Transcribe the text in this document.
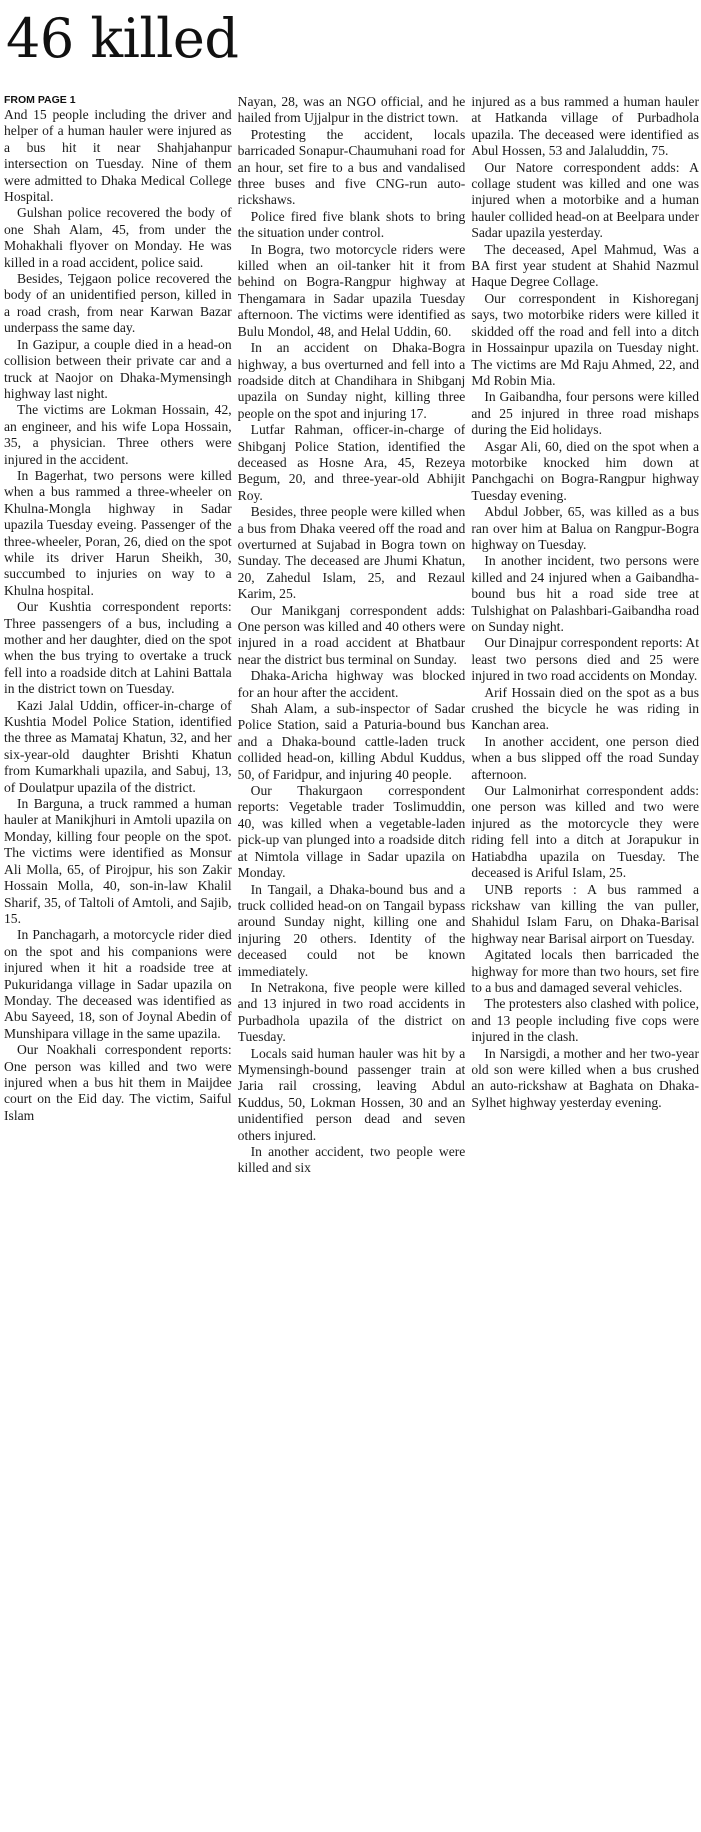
46 killed
FROM PAGE 1

And 15 people including the driver and helper of a human hauler were injured as a bus hit it near Shahjahanpur intersection on Tuesday. Nine of them were admitted to Dhaka Medical College Hospital.

Gulshan police recovered the body of one Shah Alam, 45, from under the Mohakhali flyover on Monday. He was killed in a road accident, police said.

Besides, Tejgaon police recovered the body of an unidentified person, killed in a road crash, from near Karwan Bazar underpass the same day.

In Gazipur, a couple died in a head-on collision between their private car and a truck at Naojor on Dhaka-Mymensingh highway last night.

The victims are Lokman Hossain, 42, an engineer, and his wife Lopa Hossain, 35, a physician. Three others were injured in the accident.

In Bagerhat, two persons were killed when a bus rammed a three-wheeler on Khulna-Mongla highway in Sadar upazila Tuesday eveing. Passenger of the three-wheeler, Poran, 26, died on the spot while its driver Harun Sheikh, 30, succumbed to injuries on way to a Khulna hospital.

Our Kushtia correspondent reports: Three passengers of a bus, including a mother and her daughter, died on the spot when the bus trying to overtake a truck fell into a roadside ditch at Lahini Battala in the district town on Tuesday.

Kazi Jalal Uddin, officer-in-charge of Kushtia Model Police Station, identified the three as Mamataj Khatun, 32, and her six-year-old daughter Brishti Khatun from Kumarkhali upazila, and Sabuj, 13, of Doulatpur upazila of the district.

In Barguna, a truck rammed a human hauler at Manikjhuri in Amtoli upazila on Monday, killing four people on the spot. The victims were identified as Monsur Ali Molla, 65, of Pirojpur, his son Zakir Hossain Molla, 40, son-in-law Khalil Sharif, 35, of Taltoli of Amtoli, and Sajib, 15.

In Panchagarh, a motorcycle rider died on the spot and his companions were injured when it hit a roadside tree at Pukuridanga village in Sadar upazila on Monday. The deceased was identified as Abu Sayeed, 18, son of Joynal Abedin of Munshipara village in the same upazila.

Our Noakhali correspondent reports: One person was killed and two were injured when a bus hit them in Maijdee court on the Eid day. The victim, Saiful Islam

Nayan, 28, was an NGO official, and he hailed from Ujjalpur in the district town.

Protesting the accident, locals barricaded Sonapur-Chaumuhani road for an hour, set fire to a bus and vandalised three buses and five CNG-run auto-rickshaws.

Police fired five blank shots to bring the situation under control.

In Bogra, two motorcycle riders were killed when an oil-tanker hit it from behind on Bogra-Rangpur highway at Thengamara in Sadar upazila Tuesday afternoon. The victims were identified as Bulu Mondol, 48, and Helal Uddin, 60.

In an accident on Dhaka-Bogra highway, a bus overturned and fell into a roadside ditch at Chandihara in Shibganj upazila on Sunday night, killing three people on the spot and injuring 17.

Lutfar Rahman, officer-in-charge of Shibganj Police Station, identified the deceased as Hosne Ara, 45, Rezeya Begum, 20, and three-year-old Abhijit Roy.

Besides, three people were killed when a bus from Dhaka veered off the road and overturned at Sujabad in Bogra town on Sunday. The deceased are Jhumi Khatun, 20, Zahedul Islam, 25, and Rezaul Karim, 25.

Our Manikganj correspondent adds: One person was killed and 40 others were injured in a road accident at Bhatbaur near the district bus terminal on Sunday.

Dhaka-Aricha highway was blocked for an hour after the accident.

Shah Alam, a sub-inspector of Sadar Police Station, said a Paturia-bound bus and a Dhaka-bound cattle-laden truck collided head-on, killing Abdul Kuddus, 50, of Faridpur, and injuring 40 people.

Our Thakurgaon correspondent reports: Vegetable trader Toslimuddin, 40, was killed when a vegetable-laden pick-up van plunged into a roadside ditch at Nimtola village in Sadar upazila on Monday.

In Tangail, a Dhaka-bound bus and a truck collided head-on on Tangail bypass around Sunday night, killing one and injuring 20 others. Identity of the deceased could not be known immediately.

In Netrakona, five people were killed and 13 injured in two road accidents in Purbadhola upazila of the district on Tuesday.

Locals said human hauler was hit by a Mymensingh-bound passenger train at Jaria rail crossing, leaving Abdul Kuddus, 50, Lokman Hossen, 30 and an unidentified person dead and seven others injured.

In another accident, two people were killed and six

injured as a bus rammed a human hauler at Hatkanda village of Purbadhola upazila. The deceased were identified as Abul Hossen, 53 and Jalaluddin, 75.

Our Natore correspondent adds: A collage student was killed and one was injured when a motorbike and a human hauler collided head-on at Beelpara under Sadar upazila yesterday.

The deceased, Apel Mahmud, Was a BA first year student at Shahid Nazmul Haque Degree Collage.

Our correspondent in Kishoreganj says, two motorbike riders were killed it skidded off the road and fell into a ditch in Hossainpur upazila on Tuesday night. The victims are Md Raju Ahmed, 22, and Md Robin Mia.

In Gaibandha, four persons were killed and 25 injured in three road mishaps during the Eid holidays.

Asgar Ali, 60, died on the spot when a motorbike knocked him down at Panchgachi on Bogra-Rangpur highway Tuesday evening.

Abdul Jobber, 65, was killed as a bus ran over him at Balua on Rangpur-Bogra highway on Tuesday.

In another incident, two persons were killed and 24 injured when a Gaibandha-bound bus hit a road side tree at Tulshighat on Palashbari-Gaibandha road on Sunday night.

Our Dinajpur correspondent reports: At least two persons died and 25 were injured in two road accidents on Monday.

Arif Hossain died on the spot as a bus crushed the bicycle he was riding in Kanchan area.

In another accident, one person died when a bus slipped off the road Sunday afternoon.

Our Lalmonirhat correspondent adds: one person was killed and two were injured as the motorcycle they were riding fell into a ditch at Jorapukur in Hatiabdha upazila on Tuesday. The deceased is Ariful Islam, 25.

UNB reports : A bus rammed a rickshaw van killing the van puller, Shahidul Islam Faru, on Dhaka-Barisal highway near Barisal airport on Tuesday.

Agitated locals then barricaded the highway for more than two hours, set fire to a bus and damaged several vehicles.

The protesters also clashed with police, and 13 people including five cops were injured in the clash.

In Narsigdi, a mother and her two-year old son were killed when a bus crushed an auto-rickshaw at Baghata on Dhaka-Sylhet highway yesterday evening.
